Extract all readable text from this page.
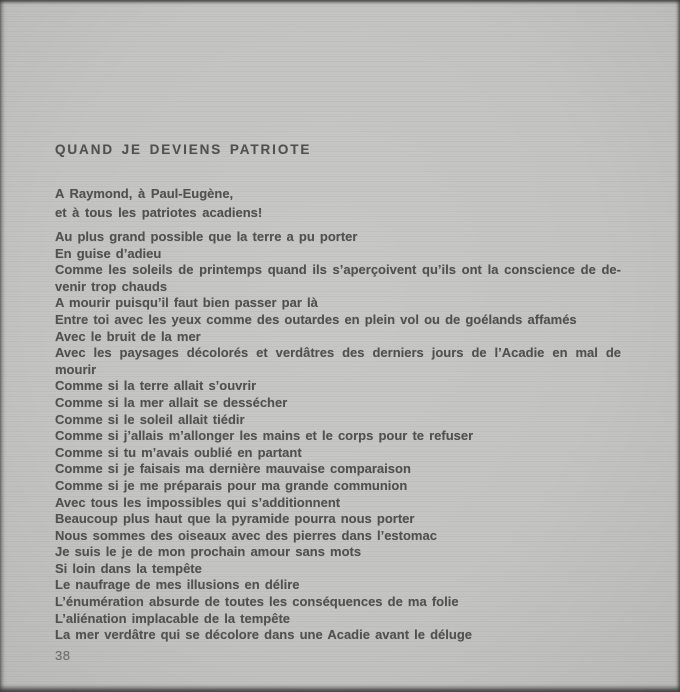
QUAND JE DEVIENS PATRIOTE
A Raymond, à Paul-Eugène,
et à tous les patriotes acadiens!
Au plus grand possible que la terre a pu porter
En guise d’adieu
Comme les soleils de printemps quand ils s’aperçoivent qu’ils ont la conscience de de-
venir trop chauds
A mourir puisqu’il faut bien passer par là
Entre toi avec les yeux comme des outardes en plein vol ou de goélands affamés
Avec le bruit de la mer
Avec les paysages décolorés et verdâtres des derniers jours de l’Acadie en mal de
mourir
Comme si la terre allait s’ouvrir
Comme si la mer allait se dessécher
Comme si le soleil allait tiédir
Comme si j’allais m’allonger les mains et le corps pour te refuser
Comme si tu m’avais oublié en partant
Comme si je faisais ma dernière mauvaise comparaison
Comme si je me préparais pour ma grande communion
Avec tous les impossibles qui s’additionnent
Beaucoup plus haut que la pyramide pourra nous porter
Nous sommes des oiseaux avec des pierres dans l’estomac
Je suis le je de mon prochain amour sans mots
Si loin dans la tempête
Le naufrage de mes illusions en délire
L’énumération absurde de toutes les conséquences de ma folie
L’aliénation implacable de la tempête
La mer verdâtre qui se décolore dans une Acadie avant le déluge
38
